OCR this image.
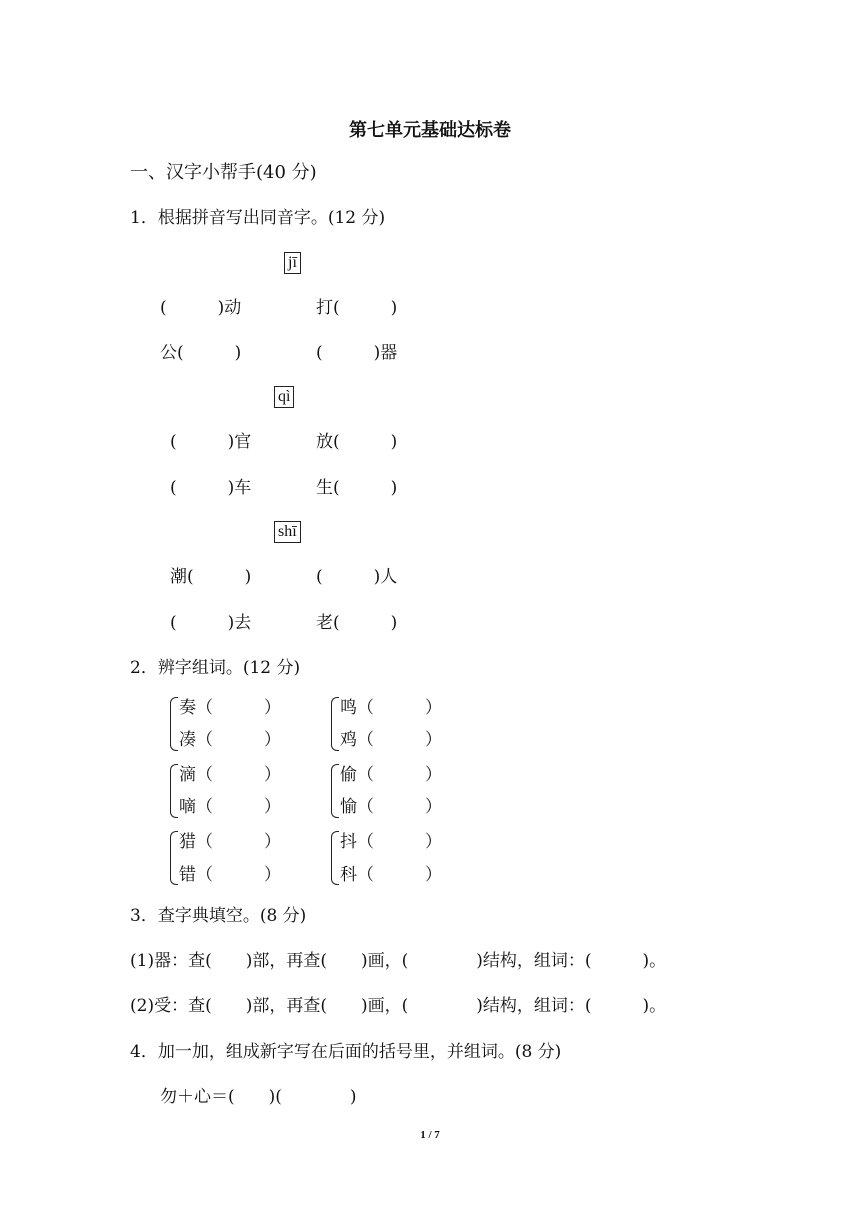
第七单元基础达标卷
一、汉字小帮手(40 分)
1．根据拼音写出同音字。(12 分)
jī
(　　　)动	打(　　　)
公(　　　)	(　　　)器
qì
(　　　)官	放(　　　)
(　　　)车	生(　　　)
shī
潮(　　　)	(　　　)人
(　　　)去	老(　　　)
2．辨字组词。(12 分)
奏（　　　）
凑（　　　）
鸣（　　　）
鸡（　　　）
滴（　　　）
嘀（　　　）
偷（　　　）
愉（　　　）
猎（　　　）
错（　　　）
抖（　　　）
科（　　　）
3．查字典填空。(8 分)
(1)器：查(　　)部，再查(　　)画，(　　　　)结构，组词：(　　　)。
(2)受：查(　　)部，再查(　　)画，(　　　　)结构，组词：(　　　)。
4．加一加，组成新字写在后面的括号里，并组词。(8 分)
勿＋心＝(　　)(　　　　)
1 / 7
